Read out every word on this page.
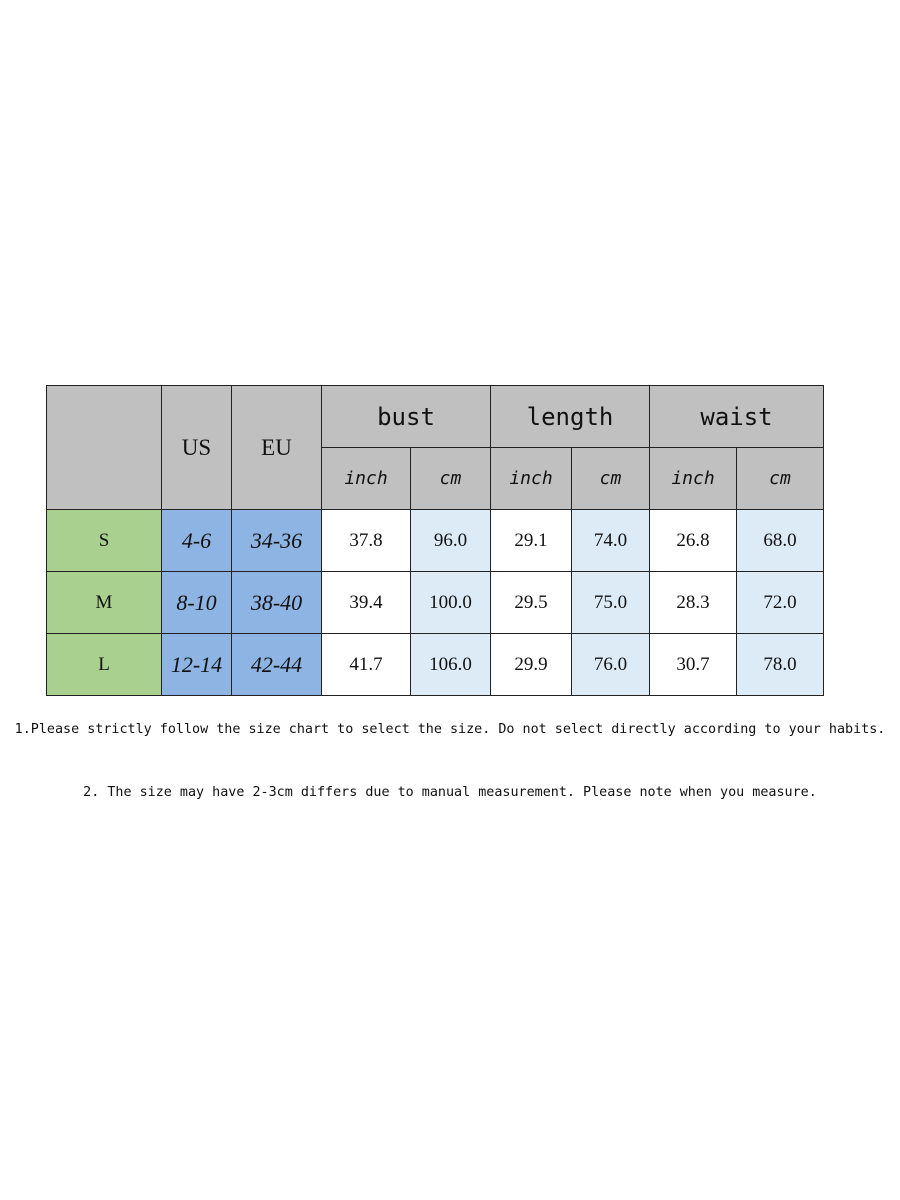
	US	EU	bust		length		waist	
			inch	cm	inch	cm	inch	cm
S	4-6	34-36	37.8	96.0	29.1	74.0	26.8	68.0
M	8-10	38-40	39.4	100.0	29.5	75.0	28.3	72.0
L	12-14	42-44	41.7	106.0	29.9	76.0	30.7	78.0
1.Please strictly follow the size chart to select the size. Do not select directly according to your habits.
2. The size may have 2-3cm differs due to manual measurement. Please note when you measure.
